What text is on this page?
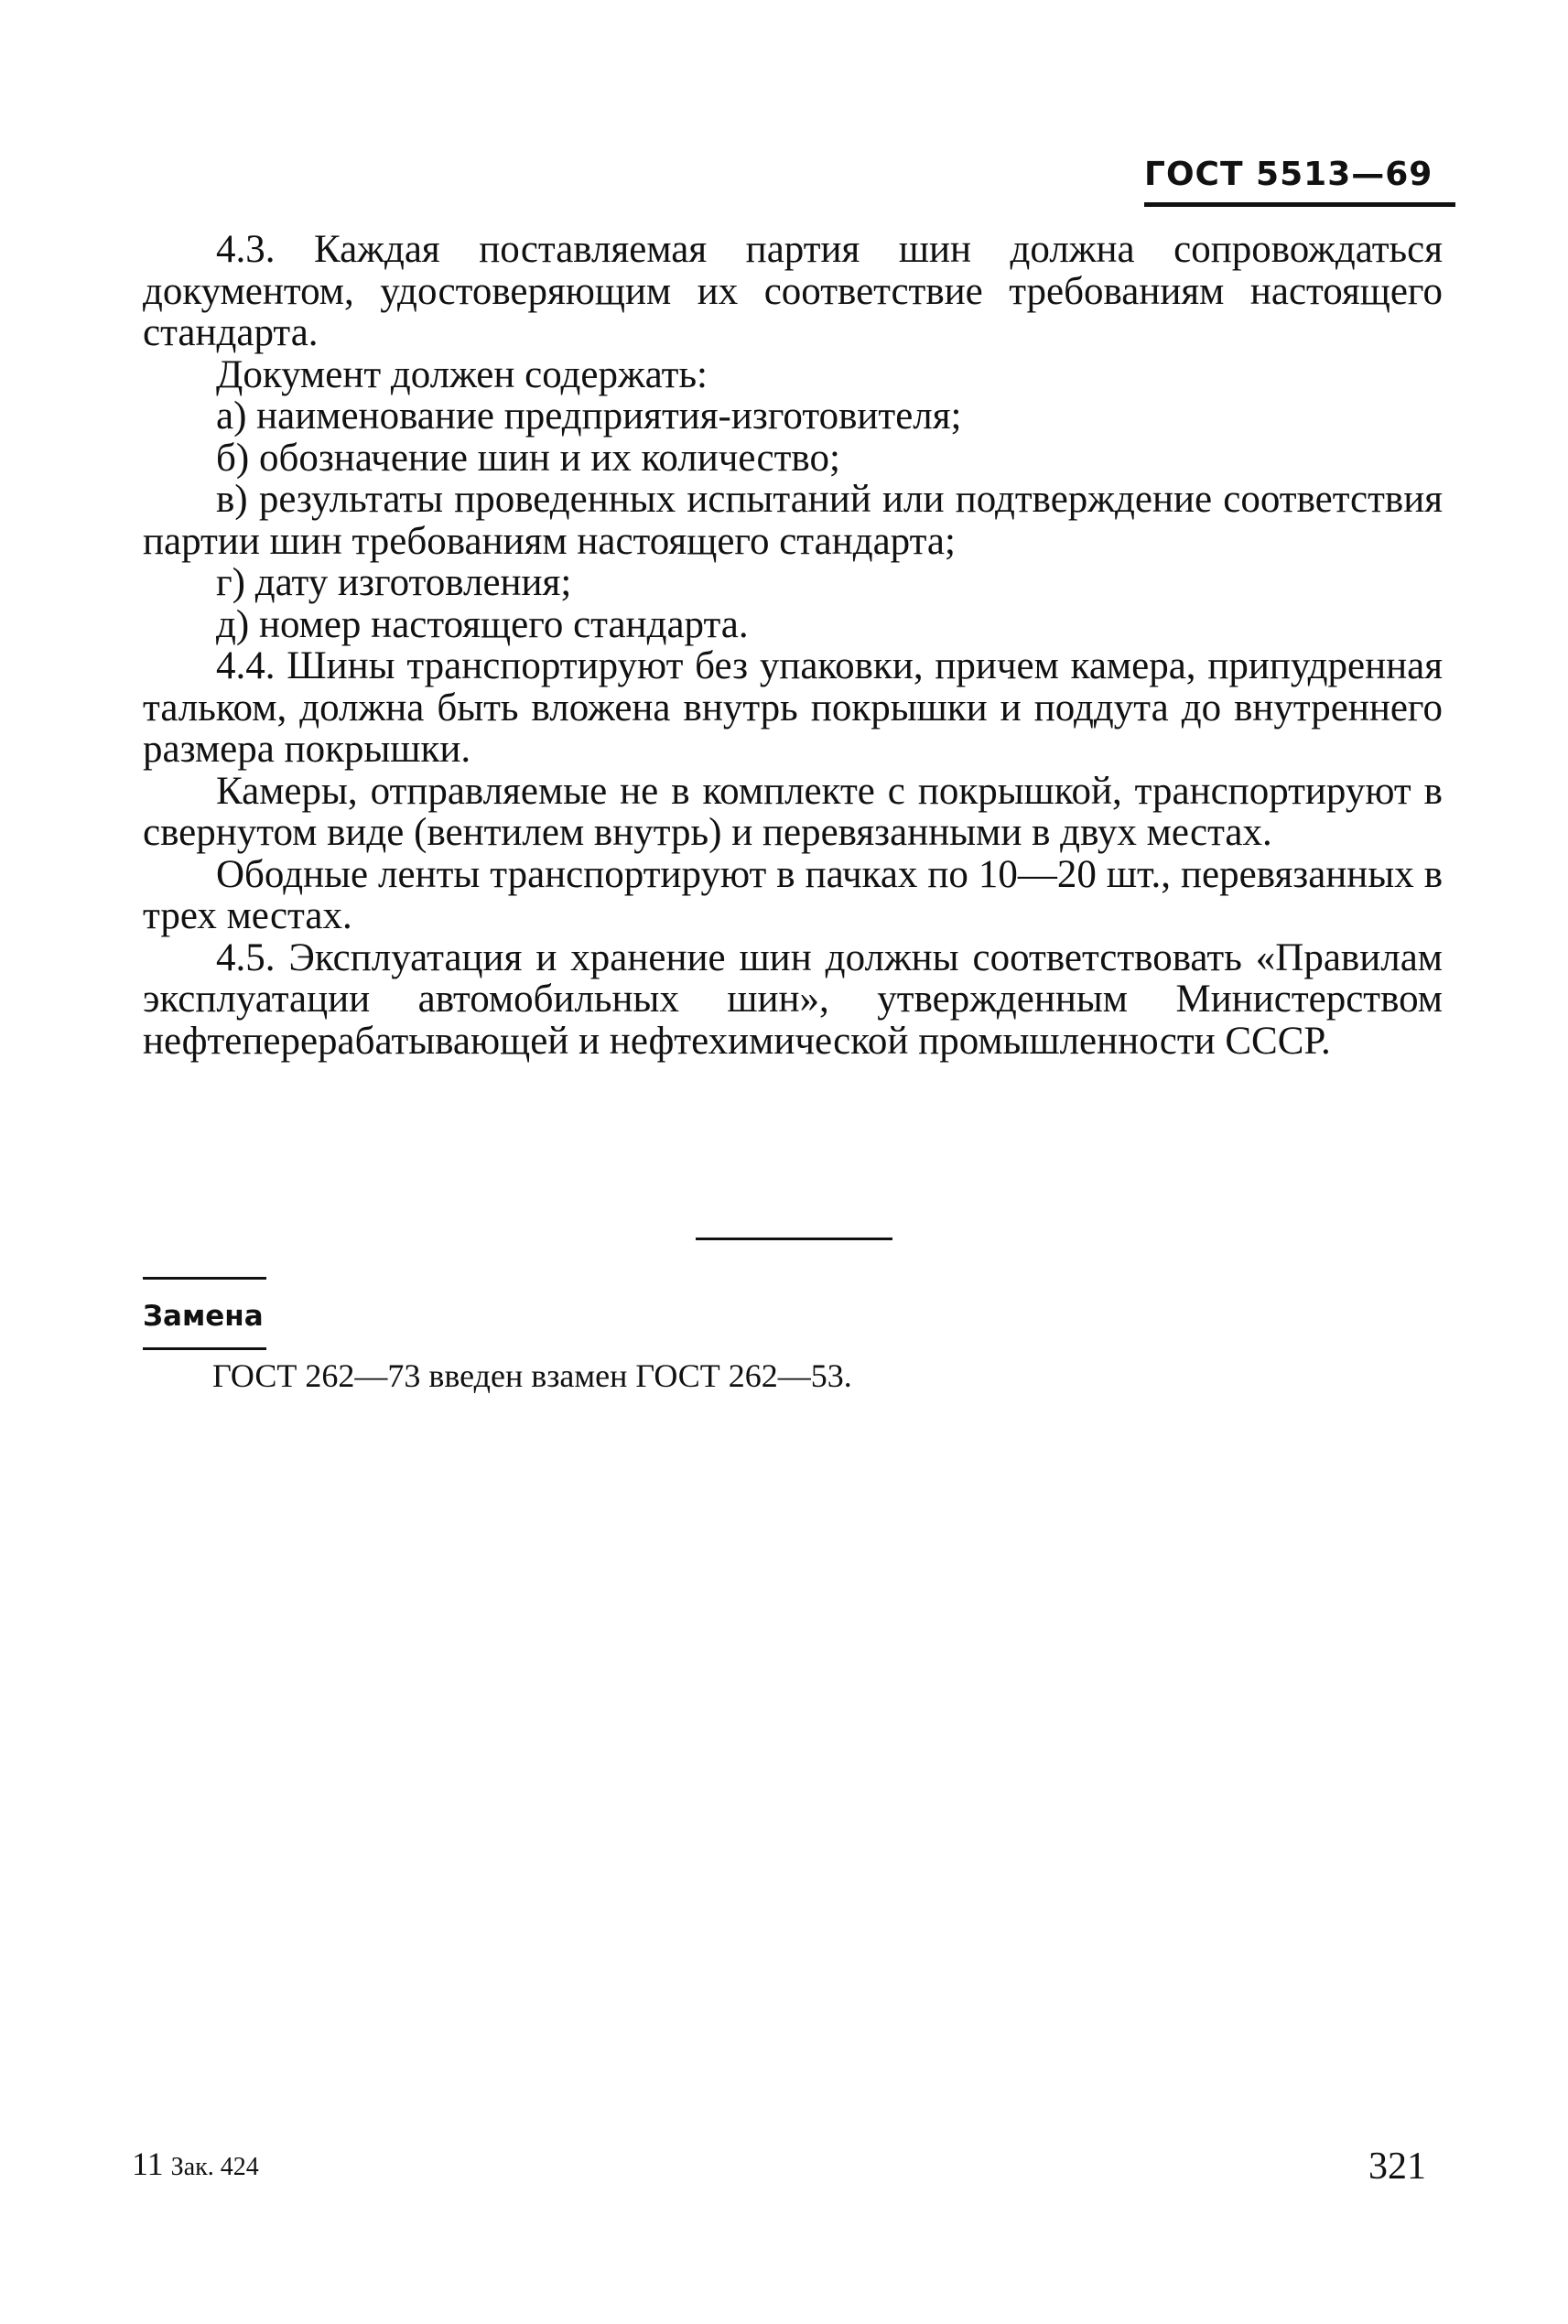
ГОСТ 5513—69

4.3. Каждая поставляемая партия шин должна сопровождаться документом, удостоверяющим их соответствие требованиям настоящего стандарта.

Документ должен содержать:

а) наименование предприятия-изготовителя;

б) обозначение шин и их количество;

в) результаты проведенных испытаний или подтверждение соответствия партии шин требованиям настоящего стандарта;

г) дату изготовления;

д) номер настоящего стандарта.

4.4. Шины транспортируют без упаковки, причем камера, припудренная тальком, должна быть вложена внутрь покрышки и поддута до внутреннего размера покрышки.

Камеры, отправляемые не в комплекте с покрышкой, транспортируют в свернутом виде (вентилем внутрь) и перевязанными в двух местах.

Ободные ленты транспортируют в пачках по 10—20 шт., перевязанных в трех местах.

4.5. Эксплуатация и хранение шин должны соответствовать «Правилам эксплуатации автомобильных шин», утвержденным Министерством нефтеперерабатывающей и нефтехимической промышленности СССР.

Замена
ГОСТ 262—73 введен взамен ГОСТ 262—53.
11 Зак. 424	321
